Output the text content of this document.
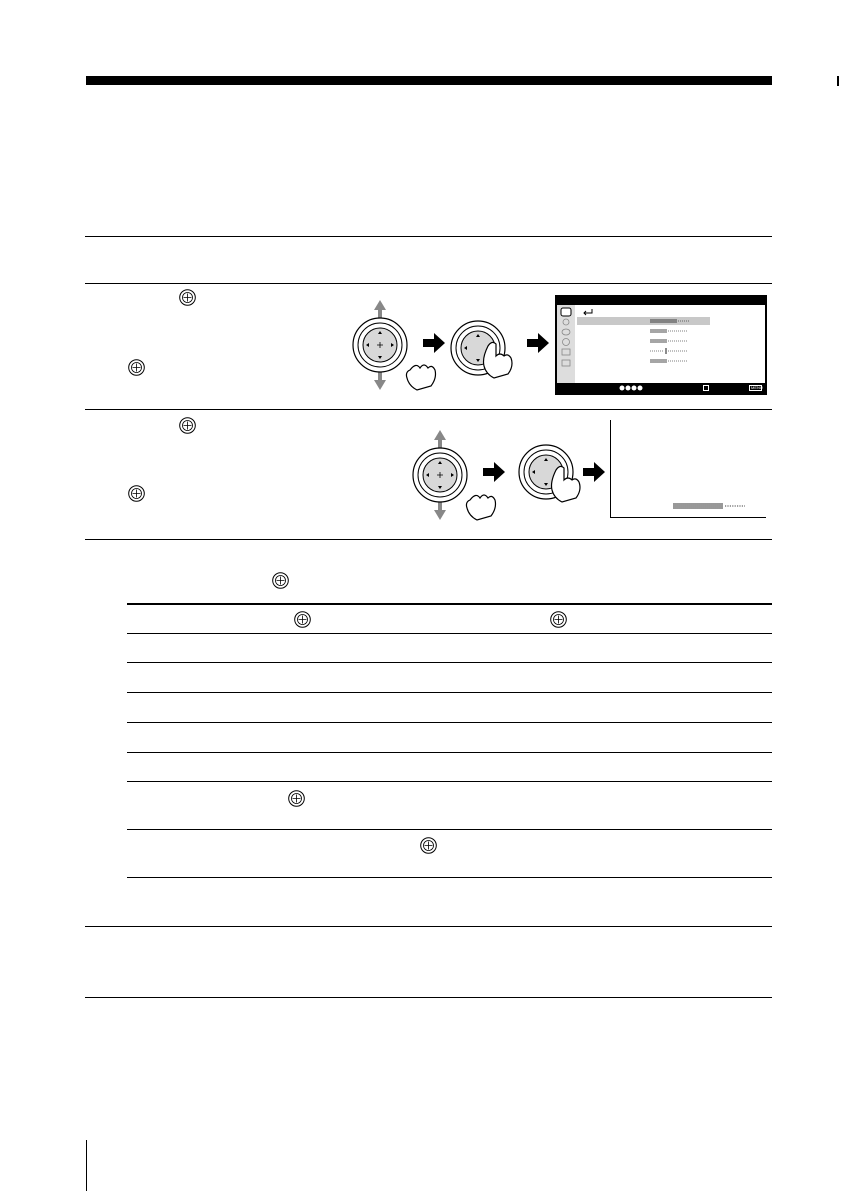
MENU
